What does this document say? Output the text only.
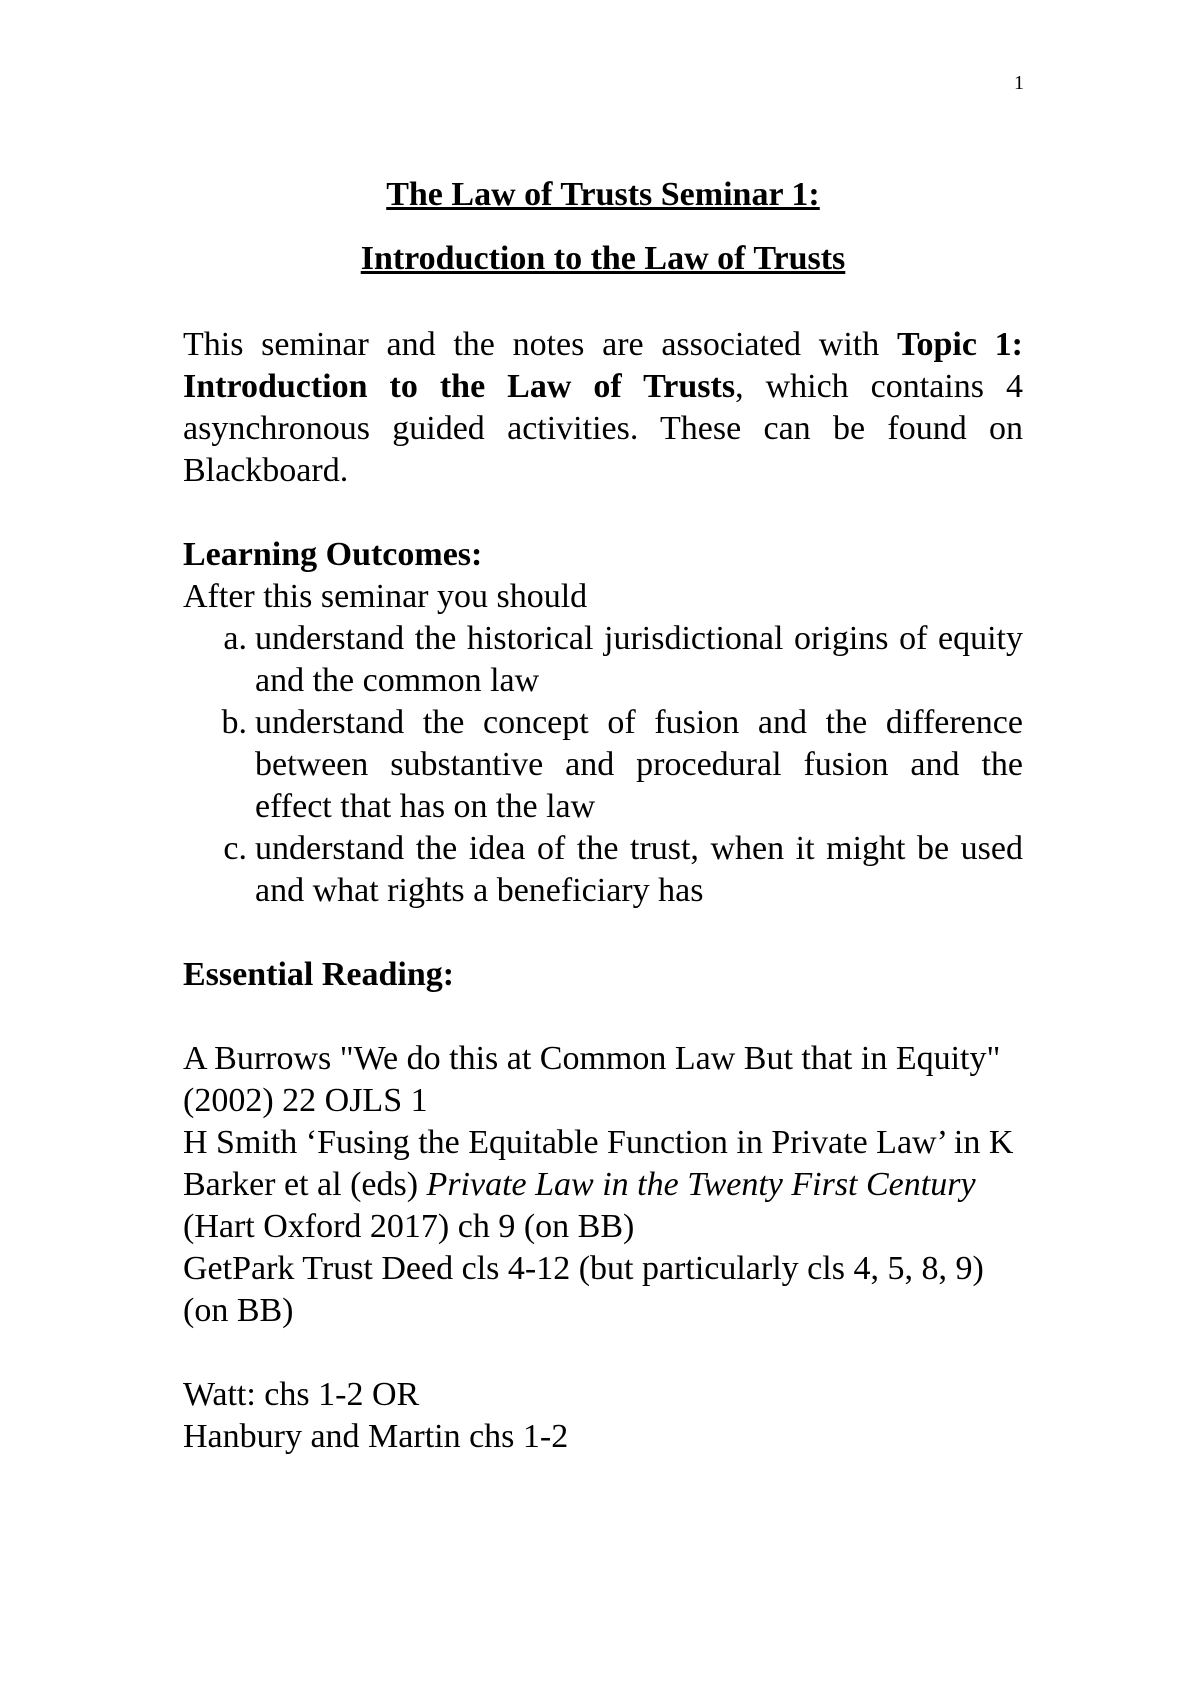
1

The Law of Trusts Seminar 1:

Introduction to the Law of Trusts

This seminar and the notes are associated with Topic 1: Introduction to the Law of Trusts, which contains 4 asynchronous guided activities. These can be found on Blackboard.

Learning Outcomes:

After this seminar you should

a. understand the historical jurisdictional origins of equity and the common law
b. understand the concept of fusion and the difference between substantive and procedural fusion and the effect that has on the law
c. understand the idea of the trust, when it might be used and what rights a beneficiary has

Essential Reading:

A Burrows "We do this at Common Law But that in Equity" (2002) 22 OJLS 1

H Smith ‘Fusing the Equitable Function in Private Law’ in K Barker et al (eds) Private Law in the Twenty First Century (Hart Oxford 2017) ch 9 (on BB)

GetPark Trust Deed cls 4-12 (but particularly cls 4, 5, 8, 9) (on BB)

Watt: chs 1-2 OR

Hanbury and Martin chs 1-2
